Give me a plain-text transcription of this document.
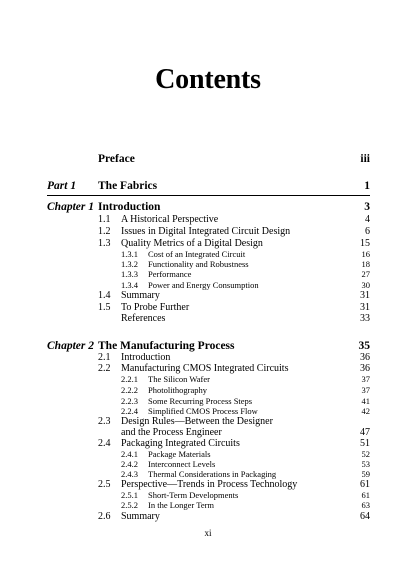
Contents
Preface	iii
Part 1 The Fabrics	1
Chapter 1 Introduction	3
1.1 A Historical Perspective	4
1.2 Issues in Digital Integrated Circuit Design	6
1.3 Quality Metrics of a Digital Design	15
1.3.1 Cost of an Integrated Circuit	16
1.3.2 Functionality and Robustness	18
1.3.3 Performance	27
1.3.4 Power and Energy Consumption	30
1.4 Summary	31
1.5 To Probe Further	31
References	33
Chapter 2 The Manufacturing Process	35
2.1 Introduction	36
2.2 Manufacturing CMOS Integrated Circuits	36
2.2.1 The Silicon Wafer	37
2.2.2 Photolithography	37
2.2.3 Some Recurring Process Steps	41
2.2.4 Simplified CMOS Process Flow	42
2.3 Design Rules—Between the Designer
and the Process Engineer	47
2.4 Packaging Integrated Circuits	51
2.4.1 Package Materials	52
2.4.2 Interconnect Levels	53
2.4.3 Thermal Considerations in Packaging	59
2.5 Perspective—Trends in Process Technology	61
2.5.1 Short-Term Developments	61
2.5.2 In the Longer Term	63
2.6 Summary	64
xi
